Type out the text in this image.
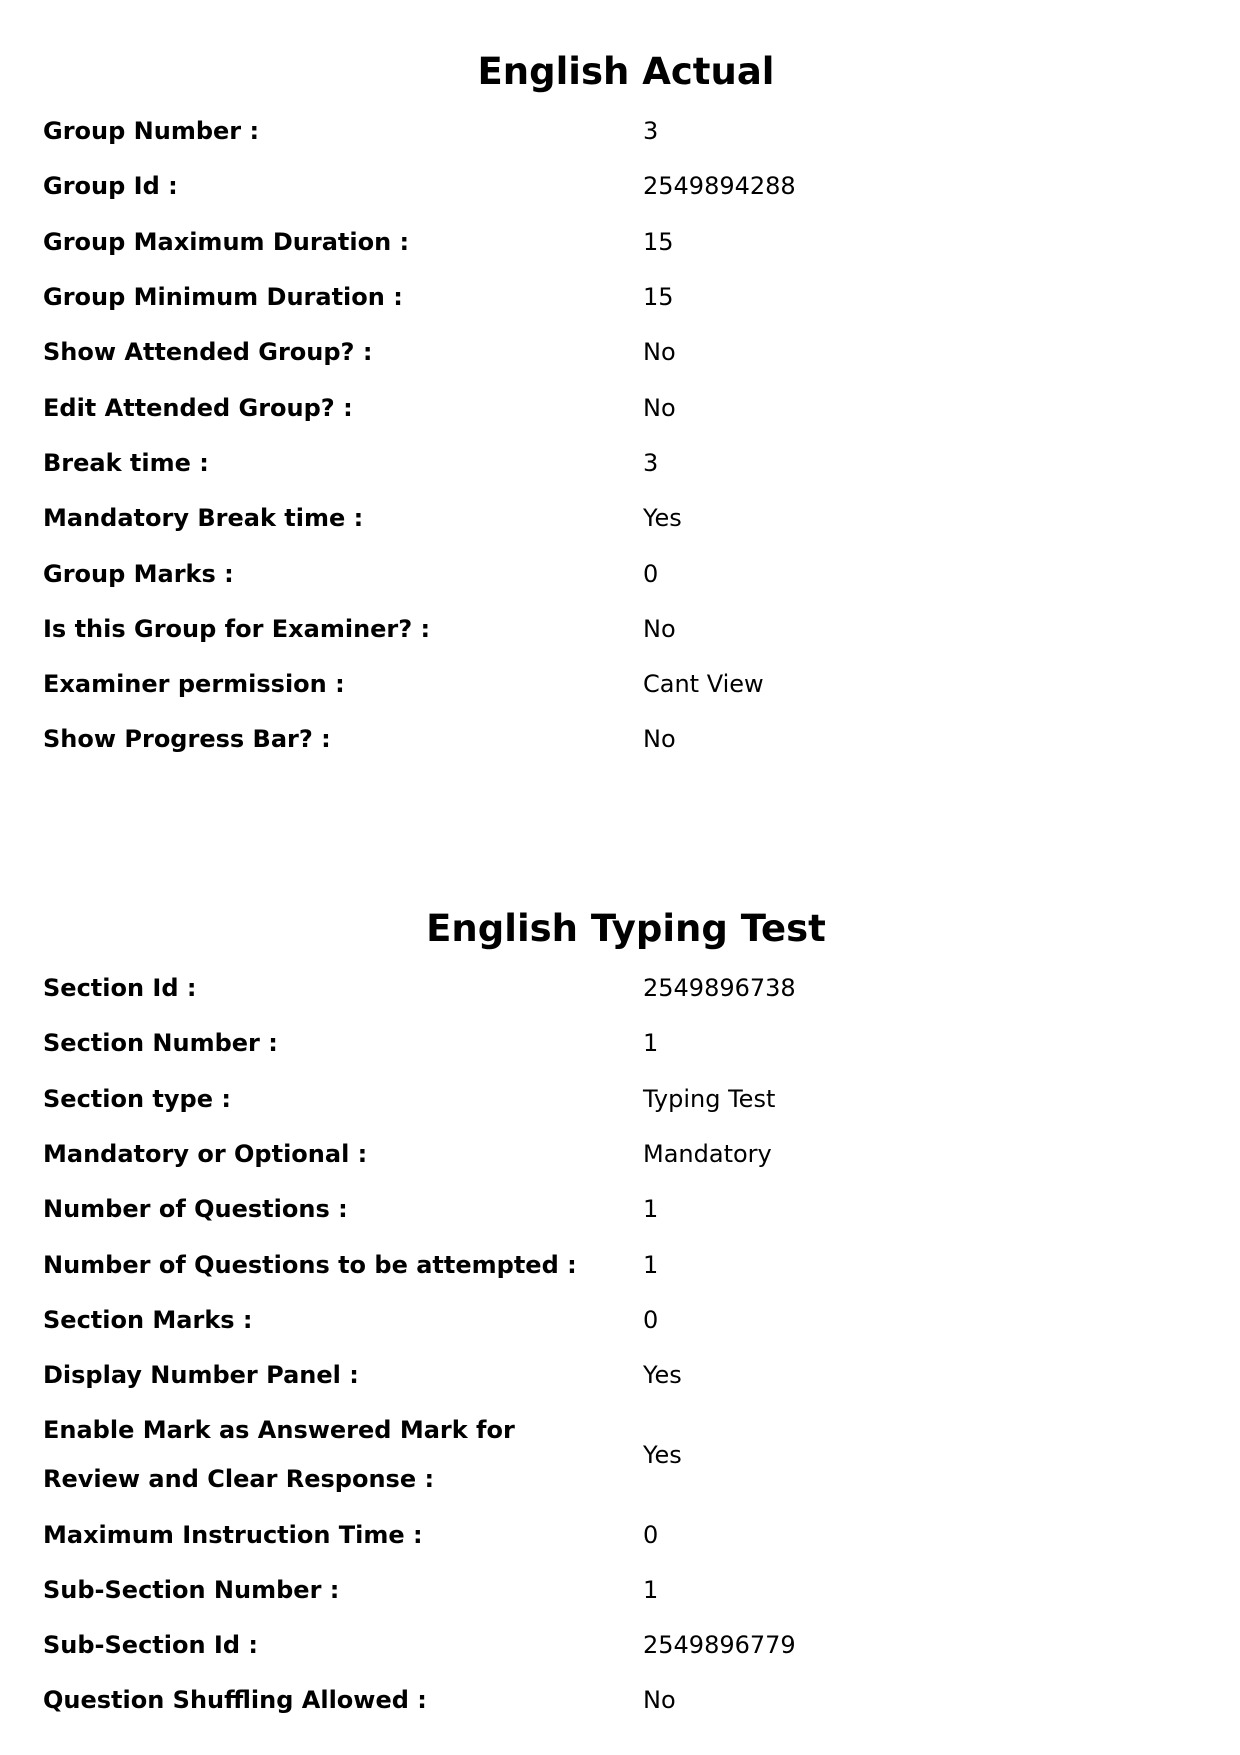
English Actual
Group Number :	3
Group Id :	2549894288
Group Maximum Duration :	15
Group Minimum Duration :	15
Show Attended Group? :	No
Edit Attended Group? :	No
Break time :	3
Mandatory Break time :	Yes
Group Marks :	0
Is this Group for Examiner? :	No
Examiner permission :	Cant View
Show Progress Bar? :	No
English Typing Test
Section Id :	2549896738
Section Number :	1
Section type :	Typing Test
Mandatory or Optional :	Mandatory
Number of Questions :	1
Number of Questions to be attempted :	1
Section Marks :	0
Display Number Panel :	Yes
Enable Mark as Answered Mark for Review and Clear Response :
Yes
Maximum Instruction Time :	0
Sub-Section Number :	1
Sub-Section Id :	2549896779
Question Shuffling Allowed :	No
